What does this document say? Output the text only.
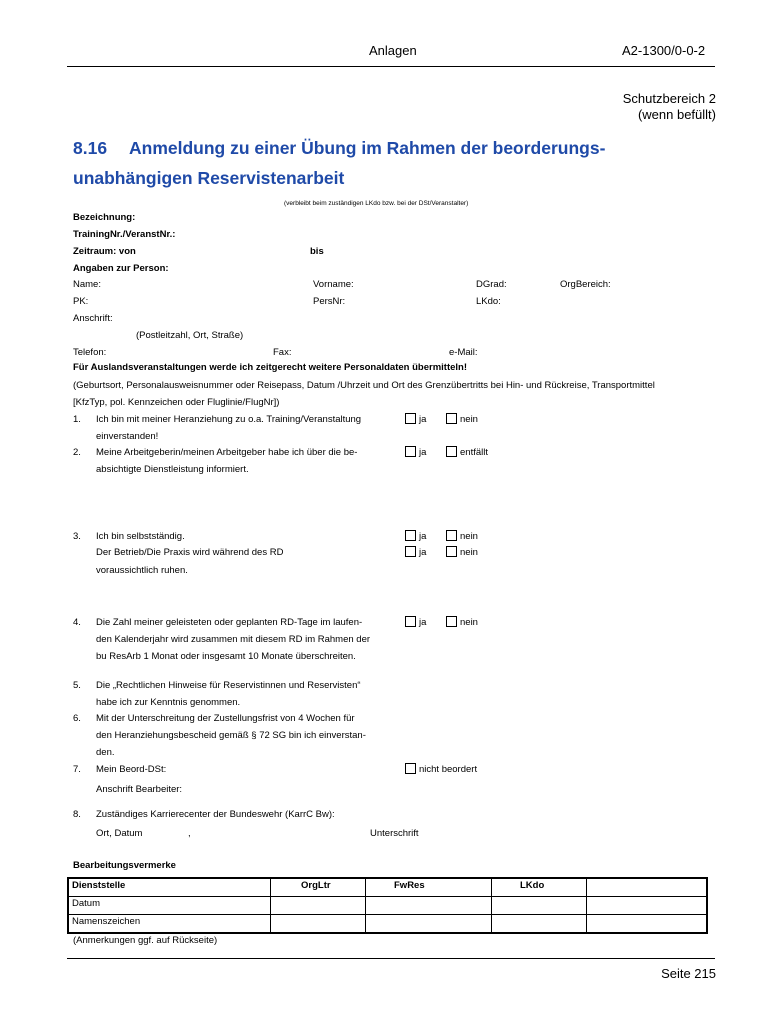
Anlagen	A2-1300/0-0-2
Schutzbereich 2
(wenn befüllt)
8.16 Anmeldung zu einer Übung im Rahmen der beorderungs-
unabhängigen Reservistenarbeit
(verbleibt beim zuständigen LKdo bzw. bei der DSt/Veranstalter)
Bezeichnung:
TrainingNr./VeranstNr.:
Zeitraum: von	bis
Angaben zur Person:
Name:	Vorname:	DGrad:	OrgBereich:
PK:	PersNr:	LKdo:
Anschrift:
(Postleitzahl, Ort, Straße)
Telefon:	Fax:	e-Mail:
Für Auslandsveranstaltungen werde ich zeitgerecht weitere Personaldaten übermitteln!
(Geburtsort, Personalausweisnummer oder Reisepass, Datum /Uhrzeit und Ort des Grenzübertritts bei Hin- und Rückreise, Transportmittel
[KfzTyp, pol. Kennzeichen oder Fluglinie/FlugNr])
1. Ich bin mit meiner Heranziehung zu o.a. Training/Veranstaltung
einverstanden!
ja	nein
2. Meine Arbeitgeberin/meinen Arbeitgeber habe ich über die be-
absichtigte Dienstleistung informiert.
ja	entfällt
3. Ich bin selbstständig.
Der Betrieb/Die Praxis wird während des RD
voraussichtlich ruhen.
ja	nein
ja	nein
4. Die Zahl meiner geleisteten oder geplanten RD-Tage im laufen-
den Kalenderjahr wird zusammen mit diesem RD im Rahmen der
bu ResArb 1 Monat oder insgesamt 10 Monate überschreiten.
ja	nein
5. Die „Rechtlichen Hinweise für Reservistinnen und Reservisten“
habe ich zur Kenntnis genommen.
6. Mit der Unterschreitung der Zustellungsfrist von 4 Wochen für
den Heranziehungsbescheid gemäß § 72 SG bin ich einverstan-
den.
7. Mein Beord-DSt:	nicht beordert
Anschrift Bearbeiter:
8. Zuständiges Karrierecenter der Bundeswehr (KarrC Bw):
Ort, Datum	,	Unterschrift
Bearbeitungsvermerke
Dienststelle	OrgLtr	FwRes	LKdo	
Datum				
Namenszeichen				
(Anmerkungen ggf. auf Rückseite)
Seite 215
